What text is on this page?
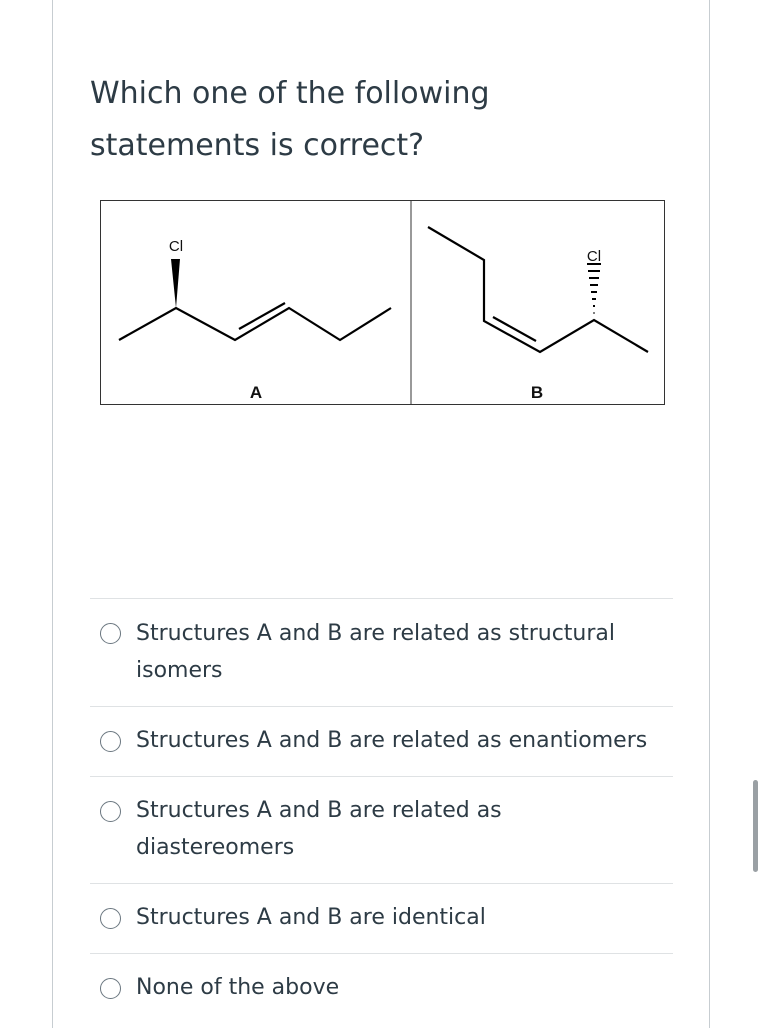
Which one of the following
statements is correct?
Cl
A
Cl
B
Structures A and B are related as structural
isomers
Structures A and B are related as enantiomers
Structures A and B are related as
diastereomers
Structures A and B are identical
None of the above
